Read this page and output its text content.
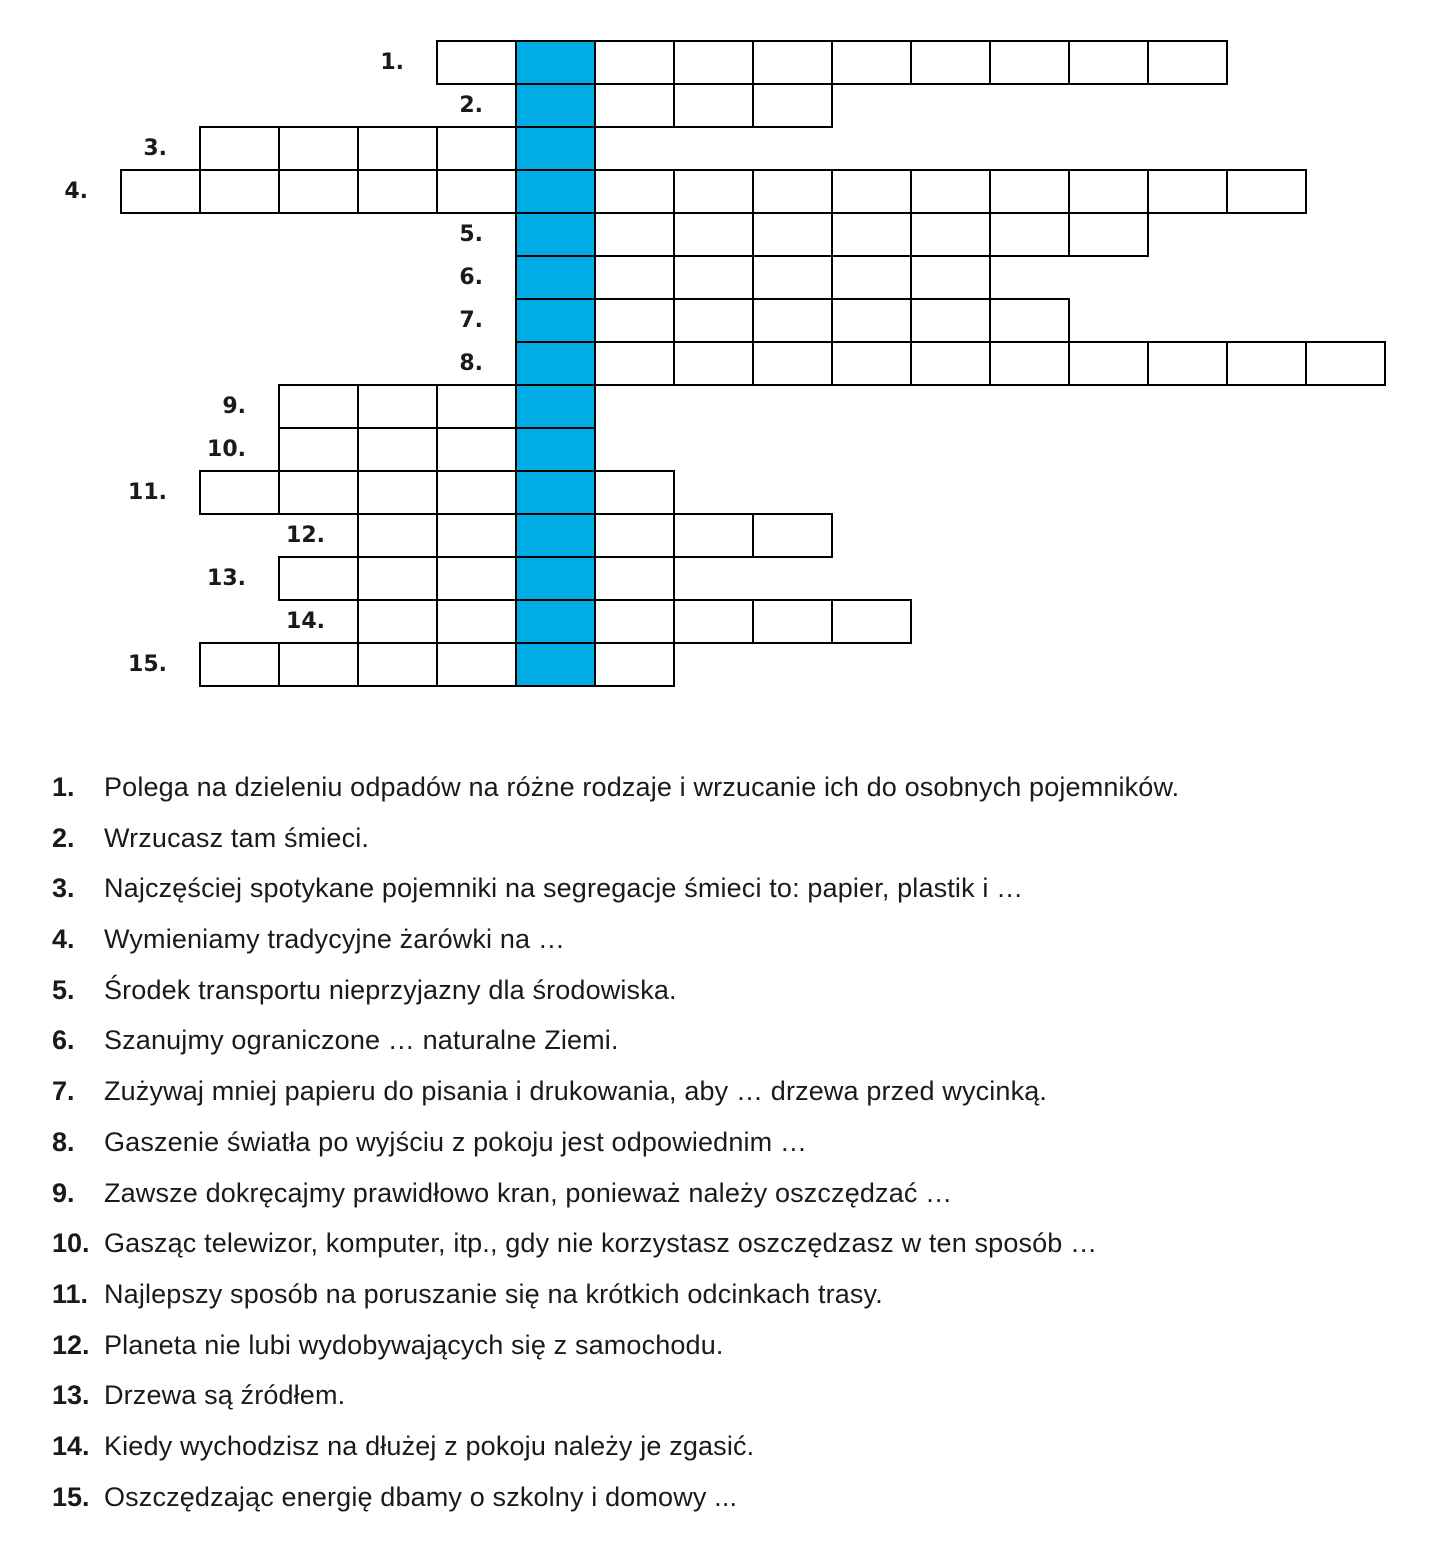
1.
2.
3.
4.
5.
6.
7.
8.
9.
10.
11.
12.
13.
14.
15.
1.	Polega na dzieleniu odpadów na różne rodzaje i wrzucanie ich do osobnych pojemników.
2.	Wrzucasz tam śmieci.
3.	Najczęściej spotykane pojemniki na segregacje śmieci to: papier, plastik i …
4.	Wymieniamy tradycyjne żarówki na …
5.	Środek transportu nieprzyjazny dla środowiska.
6.	Szanujmy ograniczone … naturalne Ziemi.
7.	Zużywaj mniej papieru do pisania i drukowania, aby … drzewa przed wycinką.
8.	Gaszenie światła po wyjściu z pokoju jest odpowiednim …
9.	Zawsze dokręcajmy prawidłowo kran, ponieważ należy oszczędzać …
10. Gasząc telewizor, komputer, itp., gdy nie korzystasz oszczędzasz w ten sposób …
11. Najlepszy sposób na poruszanie się na krótkich odcinkach trasy.
12. Planeta nie lubi wydobywających się z samochodu.
13. Drzewa są źródłem.
14. Kiedy wychodzisz na dłużej z pokoju należy je zgasić.
15. Oszczędzając energię dbamy o szkolny i domowy ...
